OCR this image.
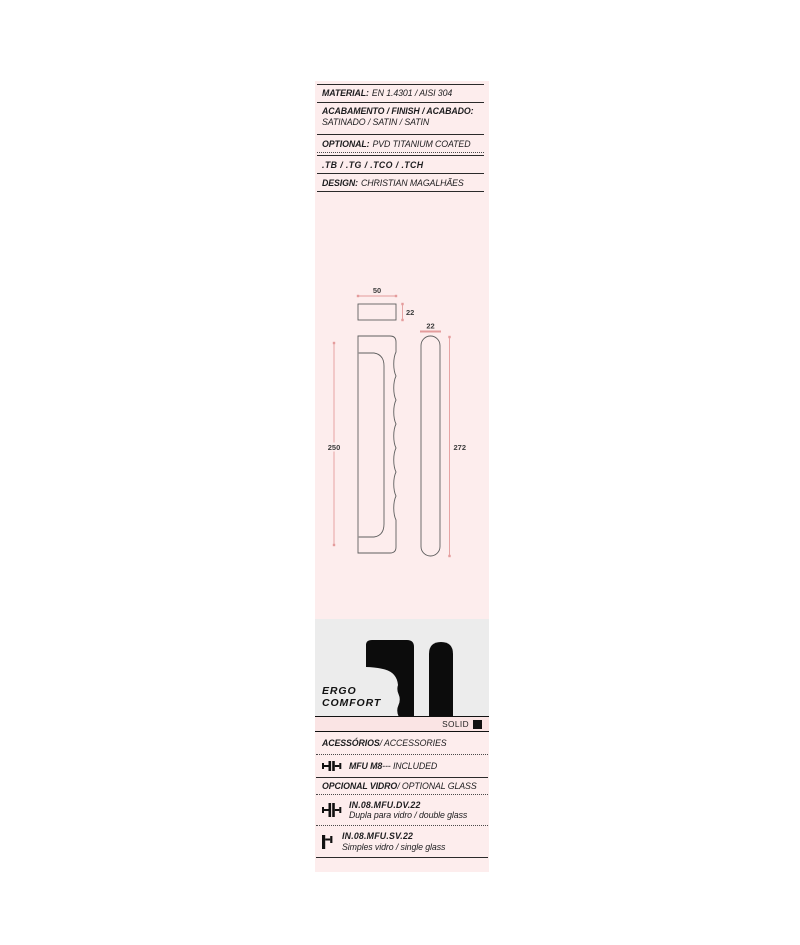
MATERIAL: EN 1.4301 / AISI 304
ACABAMENTO / FINISH / ACABADO:
SATINADO / SATIN / SATIN
OPTIONAL: PVD TITANIUM COATED
.TB / .TG / .TCO / .TCH
DESIGN: CHRISTIAN MAGALHÃES
50
22
22
250	272
ERGO
COMFORT
SOLID
ACESSÓRIOS / ACCESSORIES
MFU M8 --- INCLUDED
OPCIONAL VIDRO / OPTIONAL GLASS
IN.08.MFU.DV.22
Dupla para vidro / double glass
IN.08.MFU.SV.22
Simples vidro / single glass
